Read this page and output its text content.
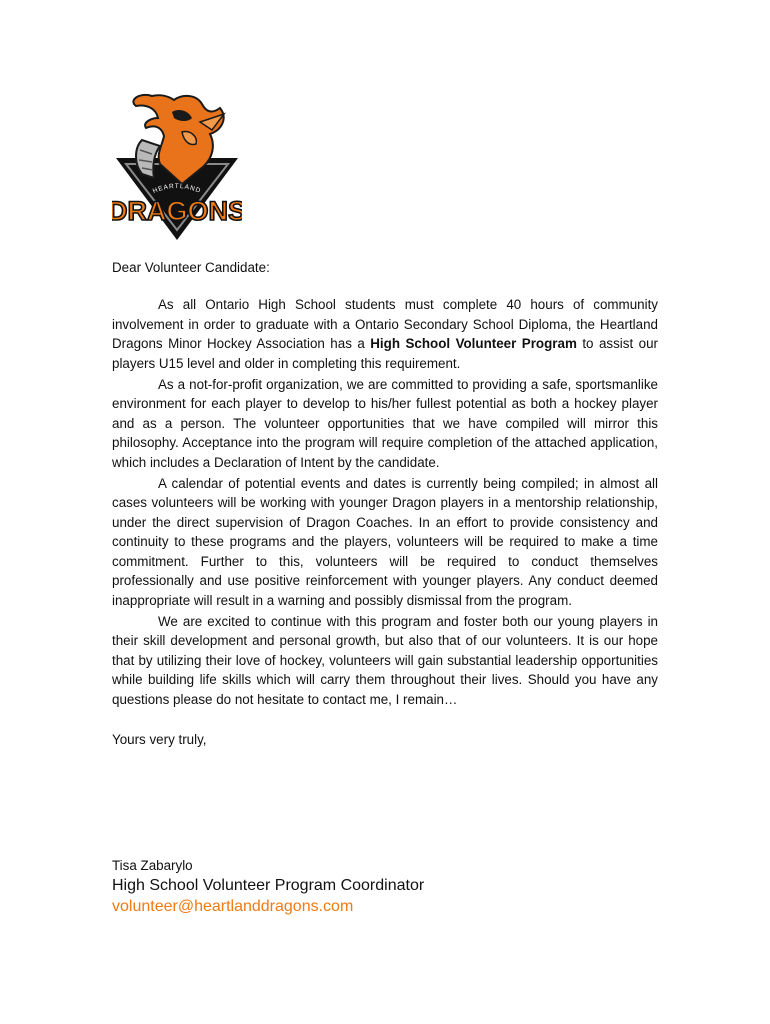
HEARTLAND
DRAGONS

Dear Volunteer Candidate:

As all Ontario High School students must complete 40 hours of community involvement in order to graduate with a Ontario Secondary School Diploma, the Heartland Dragons Minor Hockey Association has a High School Volunteer Program to assist our players U15 level and older in completing this requirement.

As a not-for-profit organization, we are committed to providing a safe, sportsmanlike environment for each player to develop to his/her fullest potential as both a hockey player and as a person. The volunteer opportunities that we have compiled will mirror this philosophy. Acceptance into the program will require completion of the attached application, which includes a Declaration of Intent by the candidate.

A calendar of potential events and dates is currently being compiled; in almost all cases volunteers will be working with younger Dragon players in a mentorship relationship, under the direct supervision of Dragon Coaches. In an effort to provide consistency and continuity to these programs and the players, volunteers will be required to make a time commitment. Further to this, volunteers will be required to conduct themselves professionally and use positive reinforcement with younger players. Any conduct deemed inappropriate will result in a warning and possibly dismissal from the program.

We are excited to continue with this program and foster both our young players in their skill development and personal growth, but also that of our volunteers. It is our hope that by utilizing their love of hockey, volunteers will gain substantial leadership opportunities while building life skills which will carry them throughout their lives. Should you have any questions please do not hesitate to contact me, I remain…

Yours very truly,

Tisa Zabarylo

High School Volunteer Program Coordinator

volunteer@heartlanddragons.com
